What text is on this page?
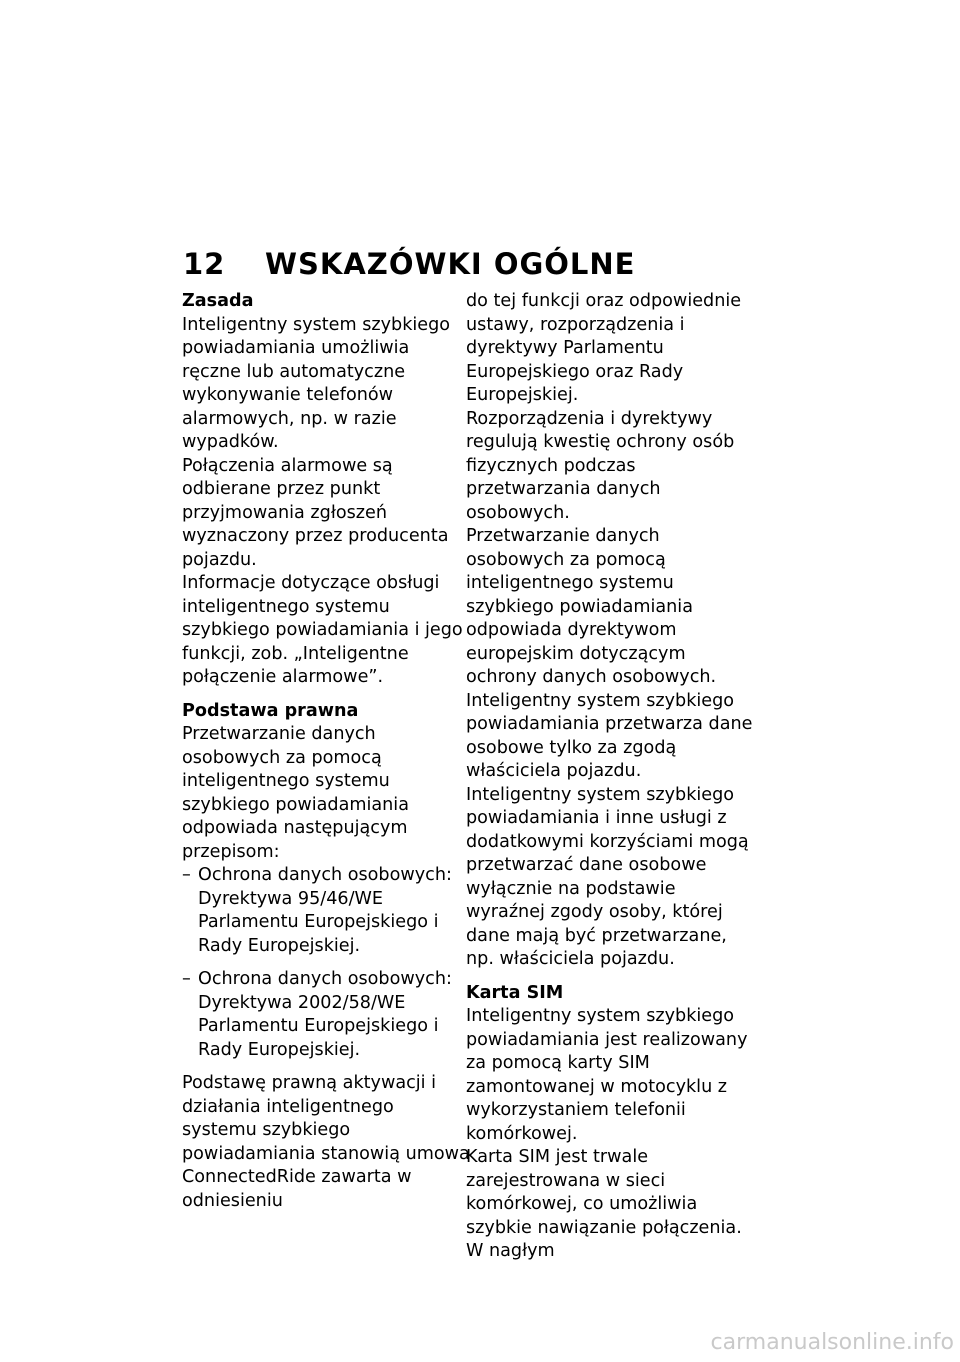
12 WSKAZÓWKI OGÓLNE
Zasada

Inteligentny system szybkiego powiadamiania umożliwia ręczne lub automatyczne wykonywanie telefonów alarmowych, np. w razie wypadków.

Połączenia alarmowe są odbierane przez punkt przyjmowania zgłoszeń wyznaczony przez producenta pojazdu.

Informacje dotyczące obsługi inteligentnego systemu szybkiego powiadamiania i jego funkcji, zob. „Inteligentne połączenie alarmowe”.

Podstawa prawna

Przetwarzanie danych osobowych za pomocą inteligentnego systemu szybkiego powiadamiania odpowiada następującym przepisom:

– Ochrona danych osobowych: Dyrektywa 95/46/WE Parlamentu Europejskiego i Rady Europejskiej.
– Ochrona danych osobowych: Dyrektywa 2002/58/WE Parlamentu Europejskiego i Rady Europejskiej.

Podstawę prawną aktywacji i działania inteligentnego systemu szybkiego powiadamiania stanowią umowa ConnectedRide zawarta w odniesieniu

do tej funkcji oraz odpowiednie ustawy, rozporządzenia i dyrektywy Parlamentu Europejskiego oraz Rady Europejskiej.

Rozporządzenia i dyrektywy regulują kwestię ochrony osób fizycznych podczas przetwarzania danych osobowych.

Przetwarzanie danych osobowych za pomocą inteligentnego systemu szybkiego powiadamiania odpowiada dyrektywom europejskim dotyczącym ochrony danych osobowych.

Inteligentny system szybkiego powiadamiania przetwarza dane osobowe tylko za zgodą właściciela pojazdu.

Inteligentny system szybkiego powiadamiania i inne usługi z dodatkowymi korzyściami mogą przetwarzać dane osobowe wyłącznie na podstawie wyraźnej zgody osoby, której dane mają być przetwarzane, np. właściciela pojazdu.

Karta SIM

Inteligentny system szybkiego powiadamiania jest realizowany za pomocą karty SIM zamontowanej w motocyklu z wykorzystaniem telefonii komórkowej.

Karta SIM jest trwale zarejestrowana w sieci komórkowej, co umożliwia szybkie nawiązanie połączenia. W nagłym

carmanualsonline.info
